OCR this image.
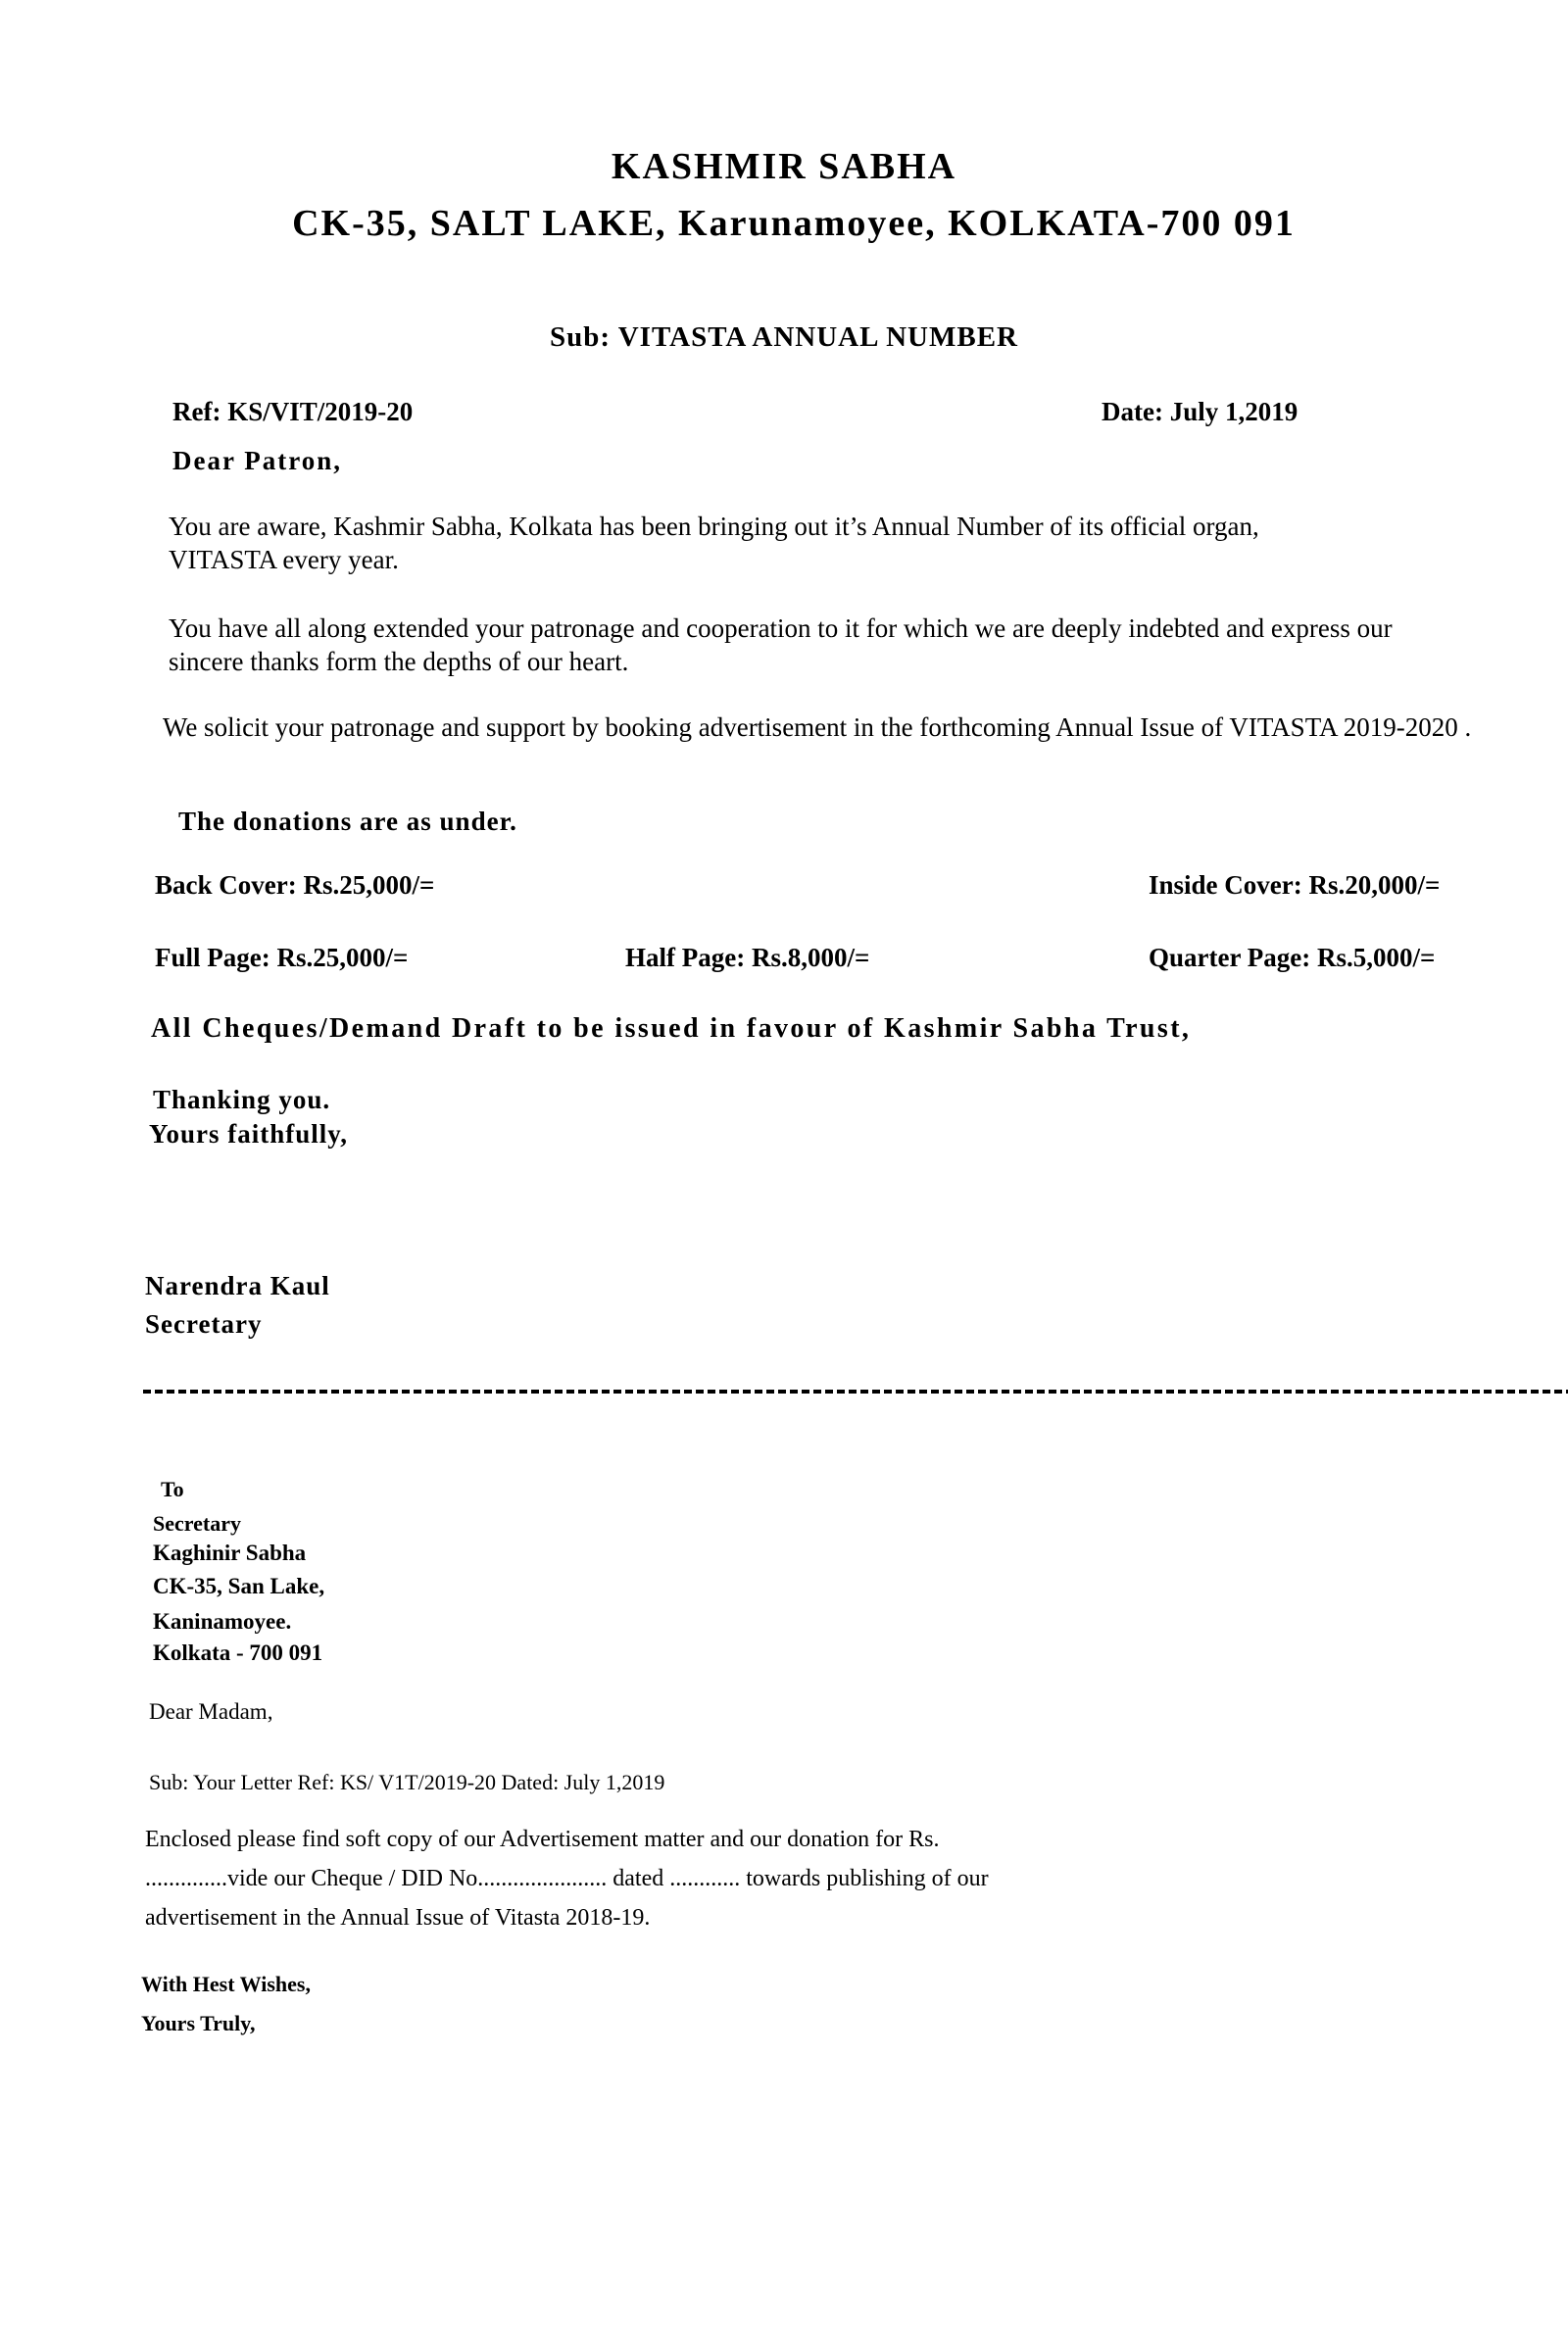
KASHMIR SABHA
CK-35, SALT LAKE, Karunamoyee, KOLKATA-700 091
Sub: VITASTA ANNUAL NUMBER
Ref: KS/VIT/2019-20	Date: July 1,2019
Dear Patron,
You are aware, Kashmir Sabha, Kolkata has been bringing out it’s Annual Number of its official organ, VITASTA every year.
You have all along extended your patronage and cooperation to it for which we are deeply indebted and express our sincere thanks form the depths of our heart.
We solicit your patronage and support by booking advertisement in the forthcoming Annual Issue of VITASTA 2019-2020 .
The donations are as under.
Back Cover: Rs.25,000/=	Inside Cover: Rs.20,000/=
Full Page: Rs.25,000/=	Half Page: Rs.8,000/=	Quarter Page: Rs.5,000/=
All Cheques/Demand Draft to be issued in favour of Kashmir Sabha Trust,
Thanking you.
Yours faithfully,
Narendra Kaul
Secretary
To
Secretary
Kaghinir Sabha
CK-35, San Lake,
Kaninamoyee.
Kolkata - 700 091
Dear Madam,
Sub: Your Letter Ref: KS/ V1T/2019-20 Dated: July 1,2019
Enclosed please find soft copy of our Advertisement matter and our donation for Rs.
..............vide our Cheque / DID No...................... dated ............ towards publishing of our
advertisement in the Annual Issue of Vitasta 2018-19.
With Hest Wishes,
Yours Truly,
